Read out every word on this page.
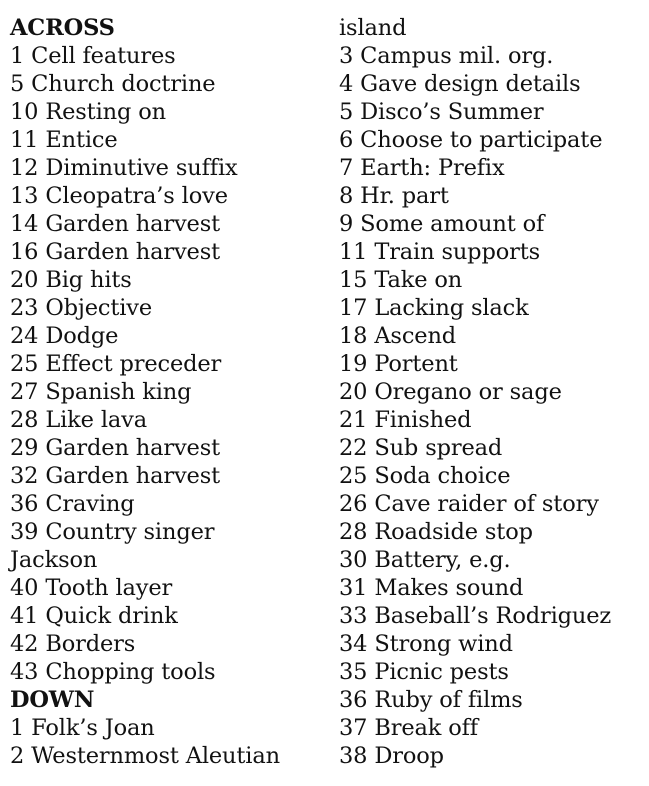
ACROSS
1 Cell features
5 Church doctrine
10 Resting on
11 Entice
12 Diminutive suffix
13 Cleopatra’s love
14 Garden harvest
16 Garden harvest
20 Big hits
23 Objective
24 Dodge
25 Effect preceder
27 Spanish king
28 Like lava
29 Garden harvest
32 Garden harvest
36 Craving
39 Country singer
Jackson
40 Tooth layer
41 Quick drink
42 Borders
43 Chopping tools
DOWN
1 Folk’s Joan
2 Westernmost Aleutian
island
3 Campus mil. org.
4 Gave design details
5 Disco’s Summer
6 Choose to participate
7 Earth: Prefix
8 Hr. part
9 Some amount of
11 Train supports
15 Take on
17 Lacking slack
18 Ascend
19 Portent
20 Oregano or sage
21 Finished
22 Sub spread
25 Soda choice
26 Cave raider of story
28 Roadside stop
30 Battery, e.g.
31 Makes sound
33 Baseball’s Rodriguez
34 Strong wind
35 Picnic pests
36 Ruby of films
37 Break off
38 Droop
